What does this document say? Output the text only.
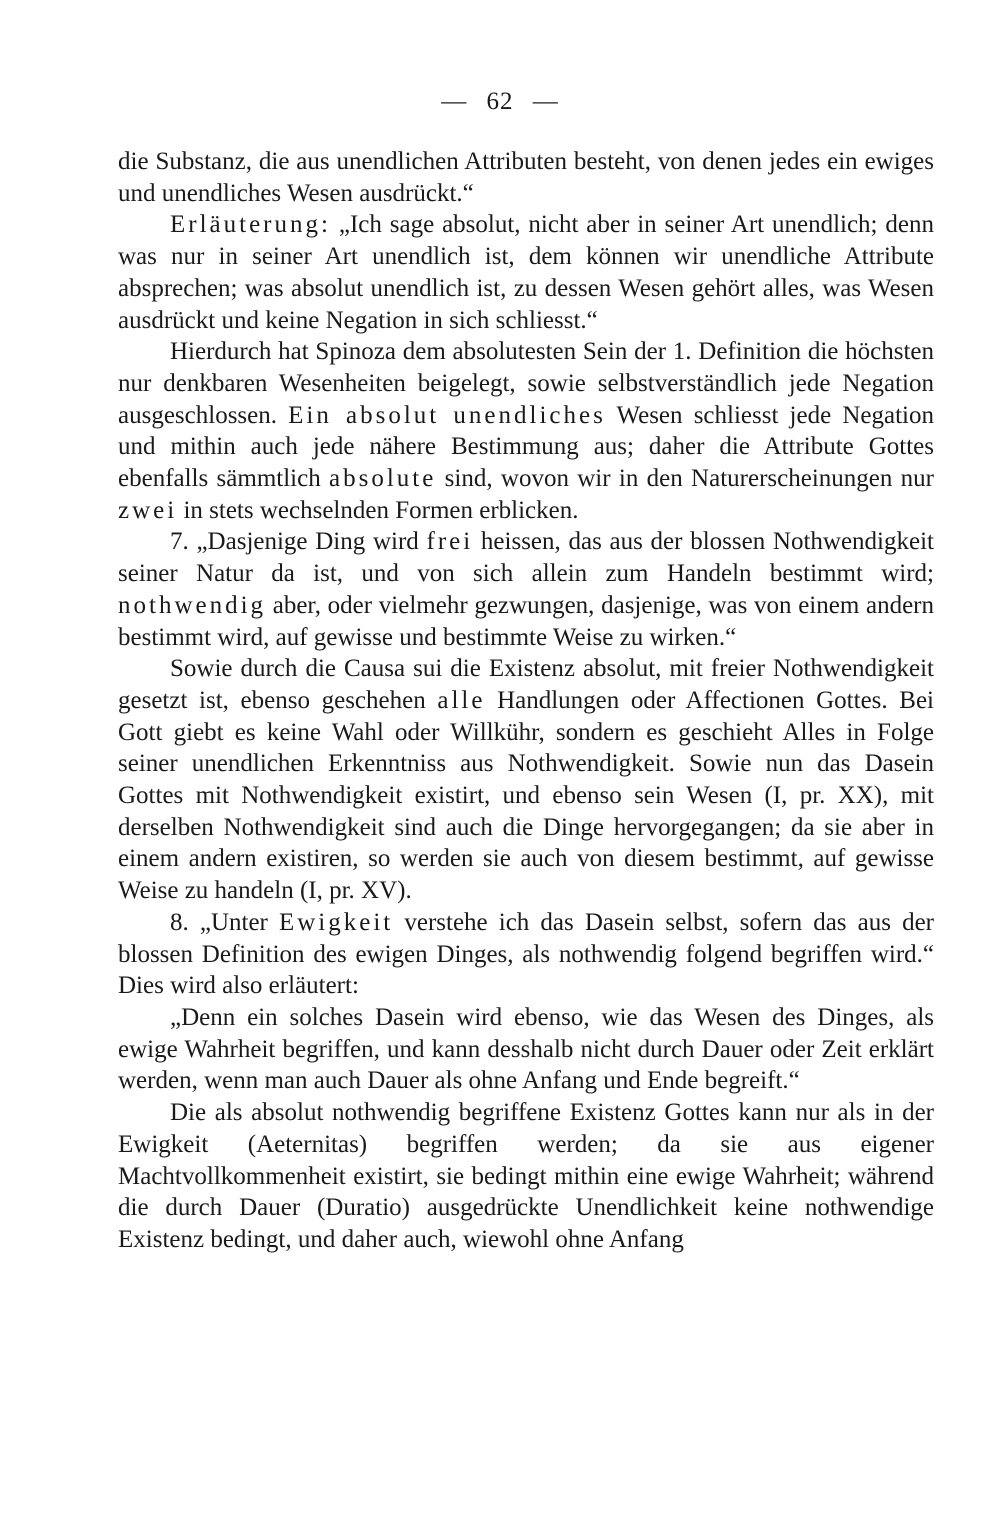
— 62 —

die Substanz, die aus unendlichen Attributen besteht, von denen jedes ein ewiges und unendliches Wesen ausdrückt.“

Erläuterung: „Ich sage absolut, nicht aber in seiner Art unendlich; denn was nur in seiner Art unendlich ist, dem können wir unendliche Attribute absprechen; was absolut unendlich ist, zu dessen Wesen gehört alles, was Wesen ausdrückt und keine Negation in sich schliesst.“

Hierdurch hat Spinoza dem absolutesten Sein der 1. Definition die höchsten nur denkbaren Wesenheiten beigelegt, sowie selbstverständlich jede Negation ausgeschlossen. Ein absolut unendliches Wesen schliesst jede Negation und mithin auch jede nähere Bestimmung aus; daher die Attribute Gottes ebenfalls sämmtlich absolute sind, wovon wir in den Naturerscheinungen nur zwei in stets wechselnden Formen erblicken.

7. „Dasjenige Ding wird frei heissen, das aus der blossen Nothwendigkeit seiner Natur da ist, und von sich allein zum Handeln bestimmt wird; nothwendig aber, oder vielmehr gezwungen, dasjenige, was von einem andern bestimmt wird, auf gewisse und bestimmte Weise zu wirken.“

Sowie durch die Causa sui die Existenz absolut, mit freier Nothwendigkeit gesetzt ist, ebenso geschehen alle Handlungen oder Affectionen Gottes. Bei Gott giebt es keine Wahl oder Willkühr, sondern es geschieht Alles in Folge seiner unendlichen Erkenntniss aus Nothwendigkeit. Sowie nun das Dasein Gottes mit Nothwendigkeit existirt, und ebenso sein Wesen (I, pr. XX), mit derselben Nothwendigkeit sind auch die Dinge hervorgegangen; da sie aber in einem andern existiren, so werden sie auch von diesem bestimmt, auf gewisse Weise zu handeln (I, pr. XV).

8. „Unter Ewigkeit verstehe ich das Dasein selbst, sofern das aus der blossen Definition des ewigen Dinges, als nothwendig folgend begriffen wird.“ Dies wird also erläutert:

„Denn ein solches Dasein wird ebenso, wie das Wesen des Dinges, als ewige Wahrheit begriffen, und kann desshalb nicht durch Dauer oder Zeit erklärt werden, wenn man auch Dauer als ohne Anfang und Ende begreift.“

Die als absolut nothwendig begriffene Existenz Gottes kann nur als in der Ewigkeit (Aeternitas) begriffen werden; da sie aus eigener Machtvollkommenheit existirt, sie bedingt mithin eine ewige Wahrheit; während die durch Dauer (Duratio) ausgedrückte Unendlichkeit keine nothwendige Existenz bedingt, und daher auch, wiewohl ohne Anfang
